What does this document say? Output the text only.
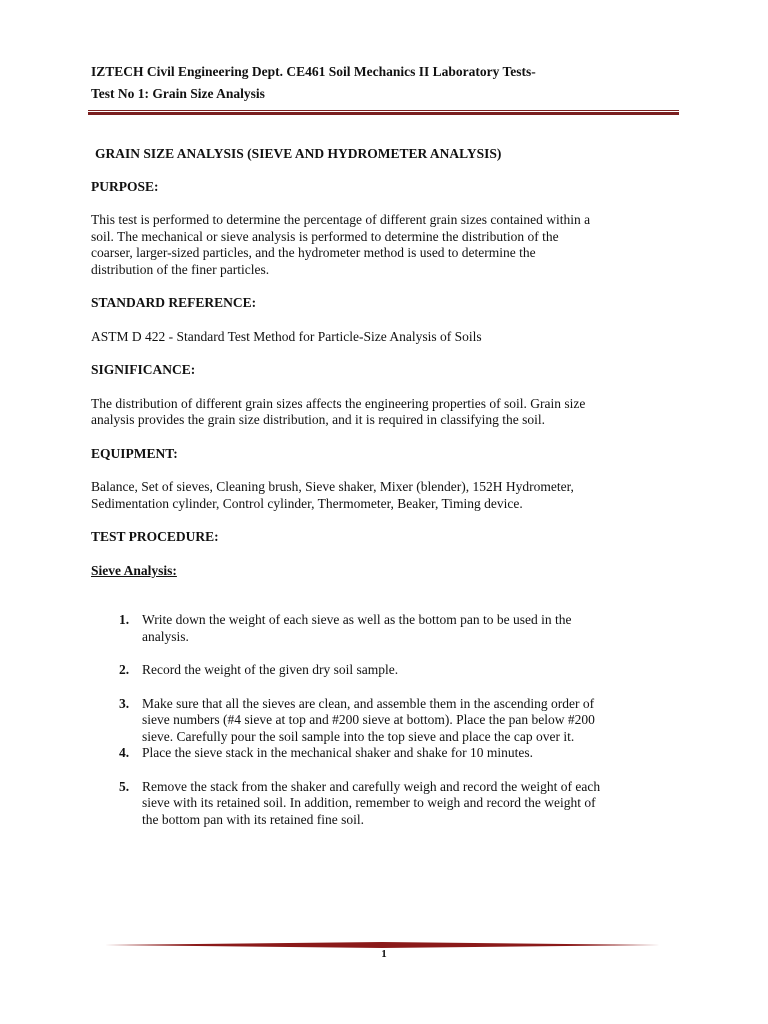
IZTECH Civil Engineering Dept. CE461 Soil Mechanics II Laboratory Tests-
Test No 1: Grain Size Analysis

GRAIN SIZE ANALYSIS (SIEVE AND HYDROMETER ANALYSIS)

PURPOSE:

This test is performed to determine the percentage of different grain sizes contained within a
soil. The mechanical or sieve analysis is performed to determine the distribution of the
coarser, larger-sized particles, and the hydrometer method is used to determine the
distribution of the finer particles.

STANDARD REFERENCE:

ASTM D 422 - Standard Test Method for Particle-Size Analysis of Soils

SIGNIFICANCE:

The distribution of different grain sizes affects the engineering properties of soil. Grain size
analysis provides the grain size distribution, and it is required in classifying the soil.

EQUIPMENT:

Balance, Set of sieves, Cleaning brush, Sieve shaker, Mixer (blender), 152H Hydrometer,
Sedimentation cylinder, Control cylinder, Thermometer, Beaker, Timing device.

TEST PROCEDURE:

Sieve Analysis:

1. Write down the weight of each sieve as well as the bottom pan to be used in the
analysis.
2. Record the weight of the given dry soil sample.
3. Make sure that all the sieves are clean, and assemble them in the ascending order of
sieve numbers (#4 sieve at top and #200 sieve at bottom). Place the pan below #200
sieve. Carefully pour the soil sample into the top sieve and place the cap over it.
4. Place the sieve stack in the mechanical shaker and shake for 10 minutes.
5. Remove the stack from the shaker and carefully weigh and record the weight of each
sieve with its retained soil. In addition, remember to weigh and record the weight of
the bottom pan with its retained fine soil.
1
